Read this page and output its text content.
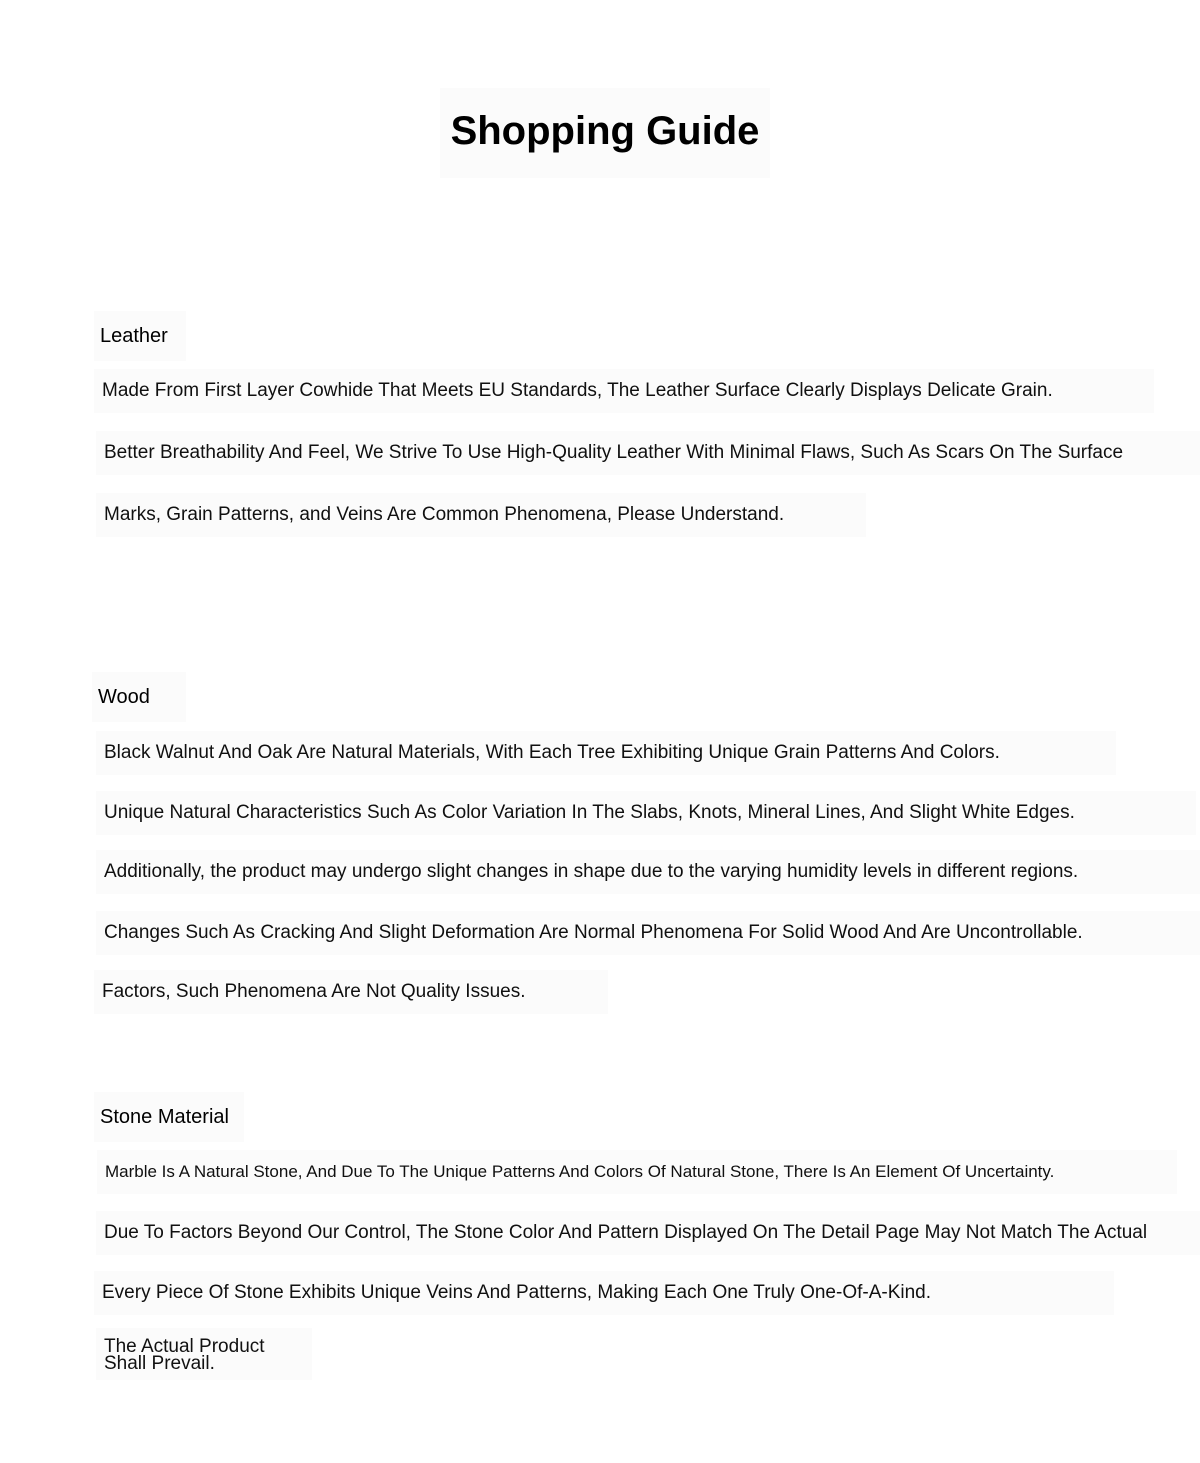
Shopping Guide
Leather
Made From First Layer Cowhide That Meets EU Standards, The Leather Surface Clearly Displays Delicate Grain.
Better Breathability And Feel, We Strive To Use High-Quality Leather With Minimal Flaws, Such As Scars On The Surface
Marks, Grain Patterns, and Veins Are Common Phenomena, Please Understand.
Wood
Black Walnut And Oak Are Natural Materials, With Each Tree Exhibiting Unique Grain Patterns And Colors.
Unique Natural Characteristics Such As Color Variation In The Slabs, Knots, Mineral Lines, And Slight White Edges.
Additionally, the product may undergo slight changes in shape due to the varying humidity levels in different regions.
Changes Such As Cracking And Slight Deformation Are Normal Phenomena For Solid Wood And Are Uncontrollable.
Factors, Such Phenomena Are Not Quality Issues.
Stone Material
Marble Is A Natural Stone, And Due To The Unique Patterns And Colors Of Natural Stone, There Is An Element Of Uncertainty.
Due To Factors Beyond Our Control, The Stone Color And Pattern Displayed On The Detail Page May Not Match The Actual
Every Piece Of Stone Exhibits Unique Veins And Patterns, Making Each One Truly One-Of-A-Kind.
The Actual Product
Shall Prevail.
